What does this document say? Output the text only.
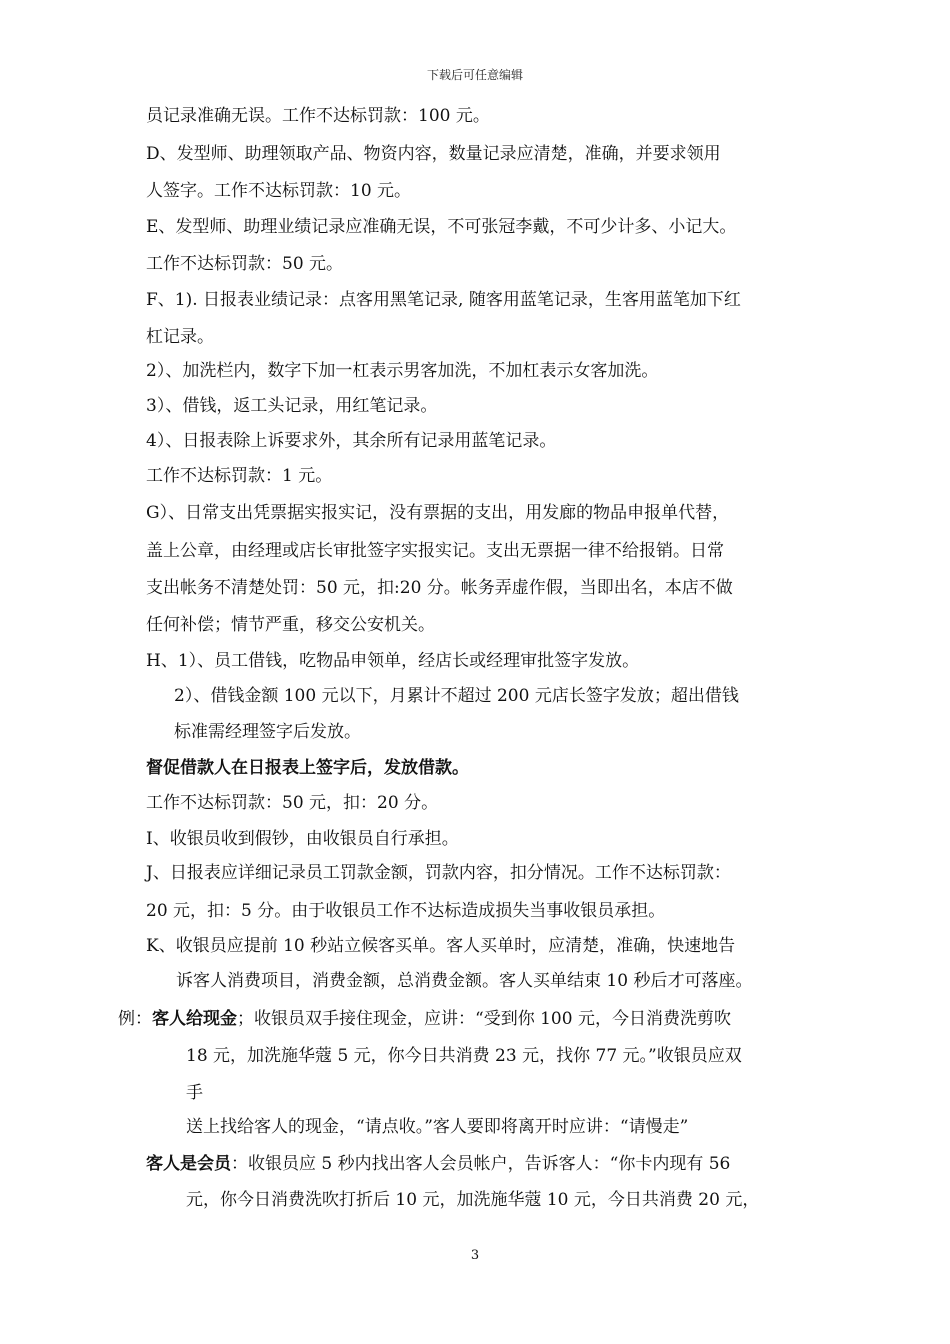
下载后可任意编辑
员记录准确无误。工作不达标罚款：100 元。
D、发型师、助理领取产品、物资内容，数量记录应清楚，准确，并要求领用
人签字。工作不达标罚款：10 元。
E、发型师、助理业绩记录应准确无误，不可张冠李戴，不可少计多、小记大。
工作不达标罚款：50 元。
F、1). 日报表业绩记录：点客用黑笔记录, 随客用蓝笔记录，生客用蓝笔加下红
杠记录。
2）、加洗栏内，数字下加一杠表示男客加洗，不加杠表示女客加洗。
3）、借钱，返工头记录，用红笔记录。
4）、日报表除上诉要求外，其余所有记录用蓝笔记录。
工作不达标罚款：1 元。
G）、日常支出凭票据实报实记，没有票据的支出，用发廊的物品申报单代替，
盖上公章，由经理或店长审批签字实报实记。支出无票据一律不给报销。日常
支出帐务不清楚处罚：50 元，扣:20 分。帐务弄虚作假，当即出名，本店不做
任何补偿；情节严重，移交公安机关。
H、1）、员工借钱，吃物品申领单，经店长或经理审批签字发放。
2）、借钱金额 100 元以下，月累计不超过 200 元店长签字发放；超出借钱
标准需经理签字后发放。
督促借款人在日报表上签字后，发放借款。
工作不达标罚款：50 元，扣：20 分。
I、收银员收到假钞，由收银员自行承担。
J、日报表应详细记录员工罚款金额，罚款内容，扣分情况。工作不达标罚款：
20 元，扣：5 分。由于收银员工作不达标造成损失当事收银员承担。
K、收银员应提前 10 秒站立候客买单。客人买单时，应清楚，准确，快速地告
诉客人消费项目，消费金额，总消费金额。客人买单结束 10 秒后才可落座。
例：客人给现金；收银员双手接住现金，应讲：“受到你 100 元，今日消费洗剪吹
18 元，加洗施华蔻 5 元，你今日共消费 23 元，找你 77 元。”收银员应双
手
送上找给客人的现金，“请点收。”客人要即将离开时应讲：“请慢走”
客人是会员：收银员应 5 秒内找出客人会员帐户，告诉客人：“你卡内现有 56
元，你今日消费洗吹打折后 10 元，加洗施华蔻 10 元，今日共消费 20 元，
3
